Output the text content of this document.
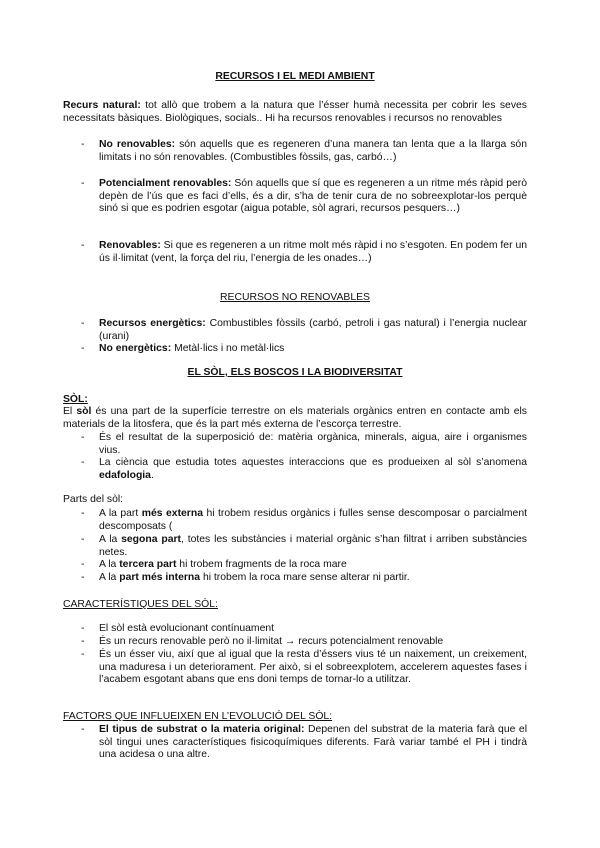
RECURSOS I EL MEDI AMBIENT
Recurs natural: tot allò que trobem a la natura que l’ésser humà necessita per cobrir les seves necessitats bàsiques. Biològiques, socials.. Hi ha recursos renovables i recursos no renovables
- No renovables: són aquells que es regeneren d’una manera tan lenta que a la llarga són limitats i no són renovables. (Combustibles fòssils, gas, carbó…)
- Potencialment renovables: Són aquells que sí que es regeneren a un ritme més ràpid però depèn de l’ús que es faci d’ells, és a dir, s’ha de tenir cura de no sobreexplotar-los perquè sinó si que es podrien esgotar (aigua potable, sòl agrari, recursos pesquers…)
- Renovables: Si que es regeneren a un ritme molt més ràpid i no s’esgoten. En podem fer un ús il·limitat (vent, la força del riu, l’energia de les onades…)
RECURSOS NO RENOVABLES
- Recursos energètics: Combustibles fòssils (carbó, petroli i gas natural) i l’energia nuclear (urani)
- No energètics: Metàl·lics i no metàl·lics
EL SÒL, ELS BOSCOS I LA BIODIVERSITAT
SÒL:
El sòl és una part de la superfície terrestre on els materials orgànics entren en contacte amb els materials de la litosfera, que és la part més externa de l’escorça terrestre.
- És el resultat de la superposició de: matèria orgànica, minerals, aigua, aire i organismes vius.
- La ciència que estudia totes aquestes interaccions que es produeixen al sòl s’anomena edafologia.
Parts del sòl:
- A la part més externa hi trobem residus orgànics i fulles sense descomposar o parcialment descomposats (
- A la segona part, totes les substàncies i material orgànic s’han filtrat i arriben substàncies netes.
- A la tercera part hi trobem fragments de la roca mare
- A la part més interna hi trobem la roca mare sense alterar ni partir.
CARACTERÍSTIQUES DEL SÒL:
- El sòl està evolucionant contínuament
- És un recurs renovable però no il·limitat → recurs potencialment renovable
- És un ésser viu, així que al igual que la resta d’éssers vius té un naixement, un creixement, una maduresa i un deteriorament. Per això, si el sobreexplotem, accelerem aquestes fases i l’acabem esgotant abans que ens doni temps de tornar-lo a utilitzar.
FACTORS QUE INFLUEIXEN EN L’EVOLUCIÓ DEL SÒL:
- El tipus de substrat o la materia original: Depenen del substrat de la materia farà que el sòl tingui unes característiques fisicoquímiques diferents. Farà variar també el PH i tindrà una acidesa o una altre.
